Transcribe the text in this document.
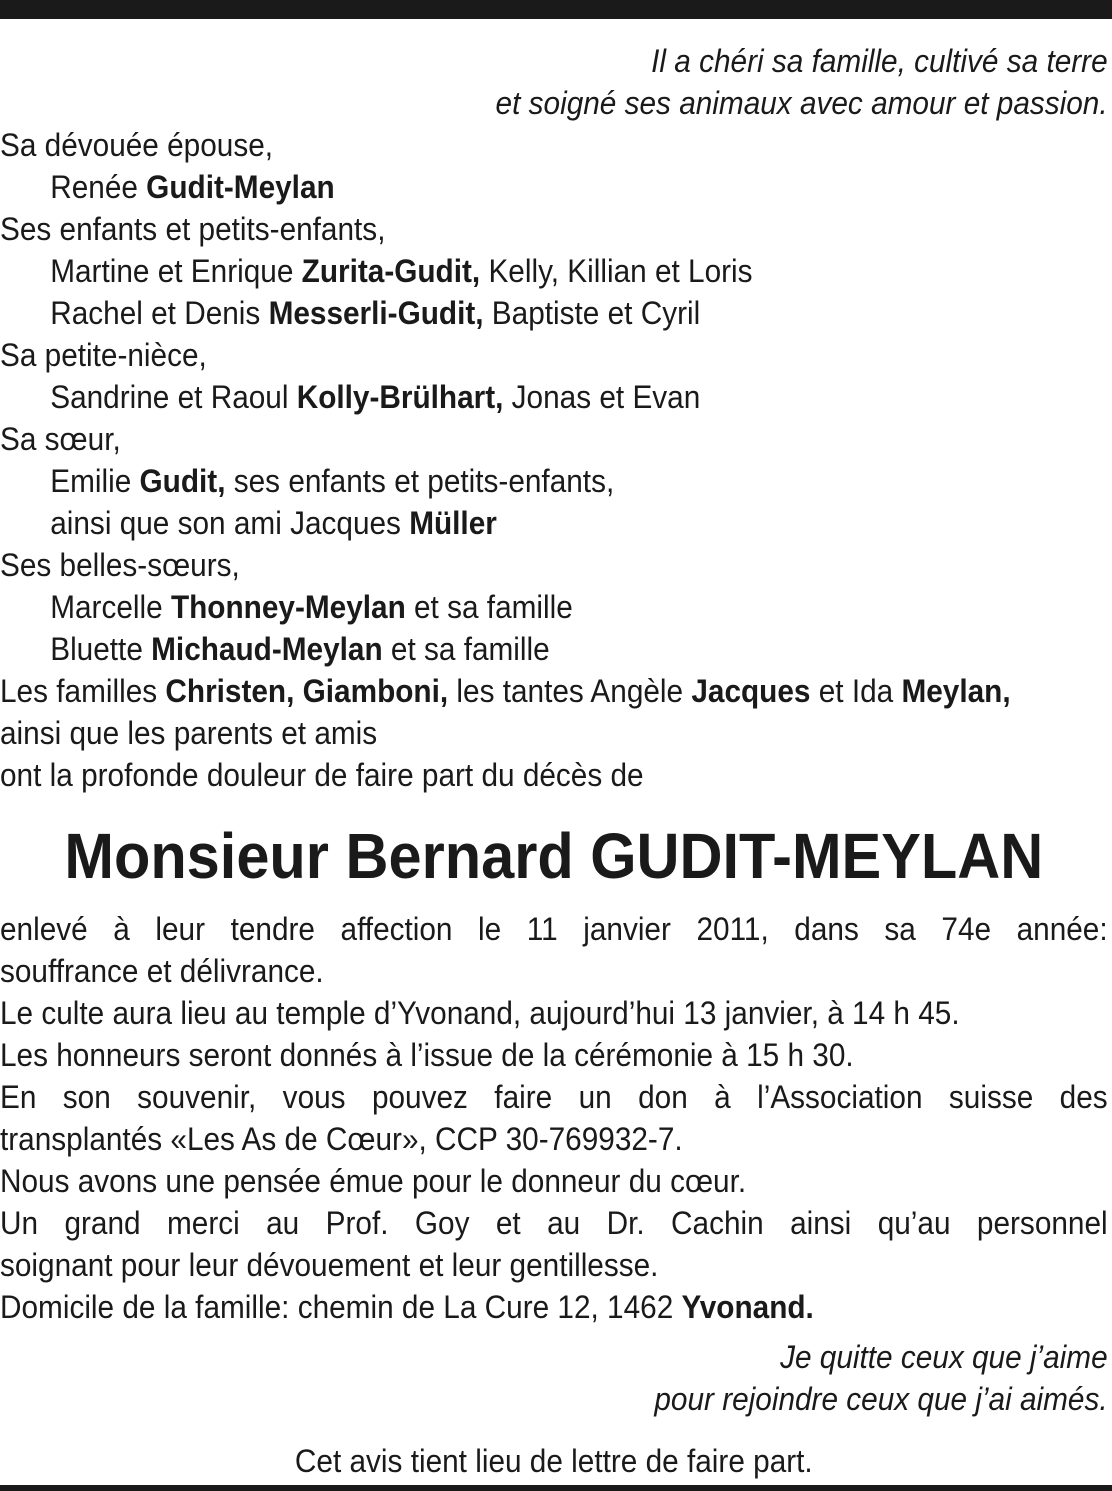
Il a chéri sa famille, cultivé sa terre
et soigné ses animaux avec amour et passion.
Sa dévouée épouse,
Renée Gudit-Meylan
Ses enfants et petits-enfants,
Martine et Enrique Zurita-Gudit, Kelly, Killian et Loris
Rachel et Denis Messerli-Gudit, Baptiste et Cyril
Sa petite-nièce,
Sandrine et Raoul Kolly-Brülhart, Jonas et Evan
Sa sœur,
Emilie Gudit, ses enfants et petits-enfants,
ainsi que son ami Jacques Müller
Ses belles-sœurs,
Marcelle Thonney-Meylan et sa famille
Bluette Michaud-Meylan et sa famille
Les familles Christen, Giamboni, les tantes Angèle Jacques et Ida Meylan,
ainsi que les parents et amis
ont la profonde douleur de faire part du décès de
Monsieur Bernard GUDIT-MEYLAN
enlevé à leur tendre affection le 11 janvier 2011, dans sa 74e année:
souffrance et délivrance.
Le culte aura lieu au temple d’Yvonand, aujourd’hui 13 janvier, à 14 h 45.
Les honneurs seront donnés à l’issue de la cérémonie à 15 h 30.
En son souvenir, vous pouvez faire un don à l’Association suisse des
transplantés «Les As de Cœur», CCP 30-769932-7.
Nous avons une pensée émue pour le donneur du cœur.
Un grand merci au Prof. Goy et au Dr. Cachin ainsi qu’au personnel
soignant pour leur dévouement et leur gentillesse.
Domicile de la famille: chemin de La Cure 12, 1462 Yvonand.
Je quitte ceux que j’aime
pour rejoindre ceux que j’ai aimés.
Cet avis tient lieu de lettre de faire part.
